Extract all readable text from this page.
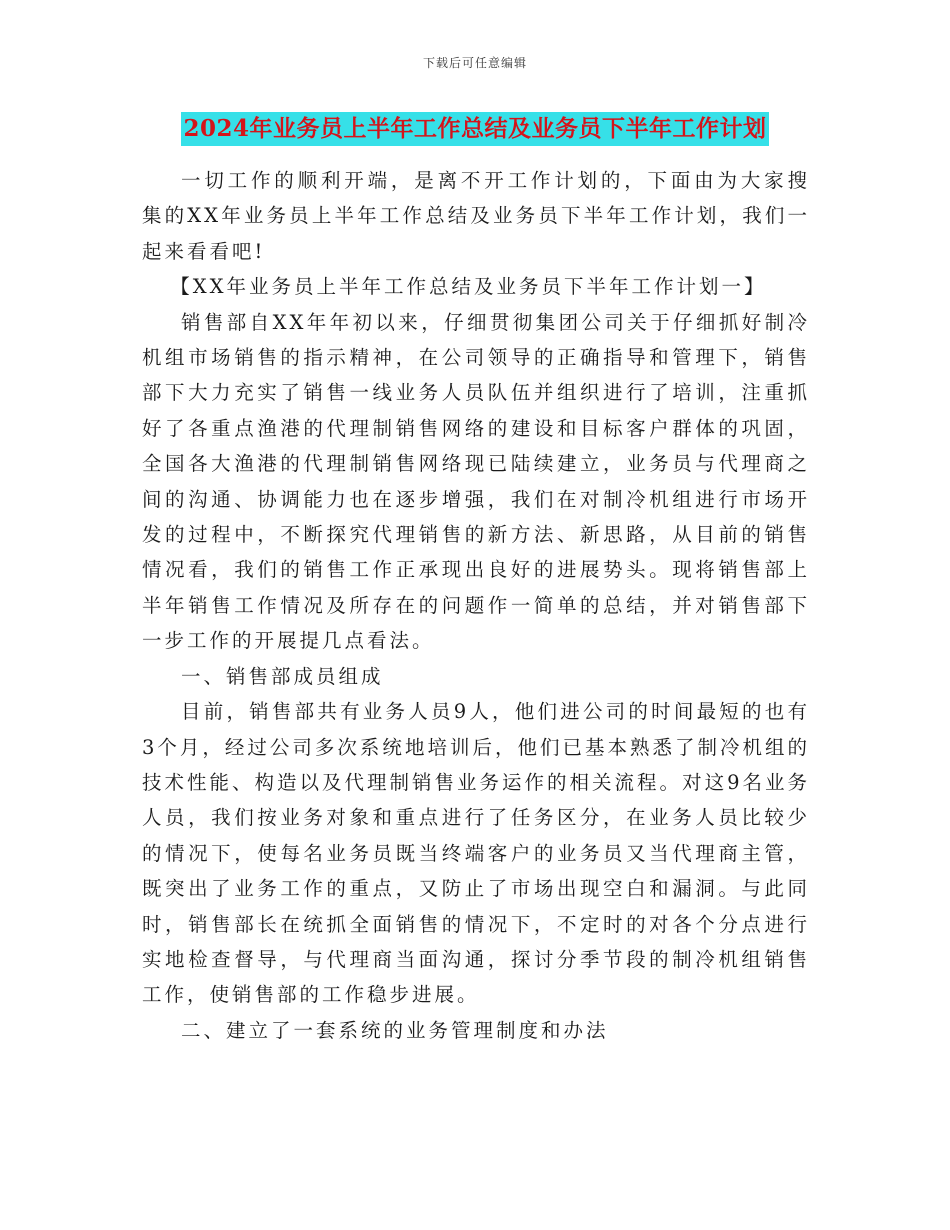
下载后可任意编辑
2024年业务员上半年工作总结及业务员下半年工作计划

一切工作的顺利开端，是离不开工作计划的，下面由为大家搜集的XX年业务员上半年工作总结及业务员下半年工作计划，我们一起来看看吧!

【XX年业务员上半年工作总结及业务员下半年工作计划一】

销售部自XX年年初以来，仔细贯彻集团公司关于仔细抓好制冷机组市场销售的指示精神，在公司领导的正确指导和管理下，销售部下大力充实了销售一线业务人员队伍并组织进行了培训，注重抓好了各重点渔港的代理制销售网络的建设和目标客户群体的巩固，全国各大渔港的代理制销售网络现已陆续建立，业务员与代理商之间的沟通、协调能力也在逐步增强，我们在对制冷机组进行市场开发的过程中，不断探究代理销售的新方法、新思路，从目前的销售情况看，我们的销售工作正承现出良好的进展势头。现将销售部上半年销售工作情况及所存在的问题作一简单的总结，并对销售部下一步工作的开展提几点看法。

一、销售部成员组成

目前，销售部共有业务人员9人，他们进公司的时间最短的也有3个月，经过公司多次系统地培训后，他们已基本熟悉了制冷机组的技术性能、构造以及代理制销售业务运作的相关流程。对这9名业务人员，我们按业务对象和重点进行了任务区分，在业务人员比较少的情况下，使每名业务员既当终端客户的业务员又当代理商主管，既突出了业务工作的重点，又防止了市场出现空白和漏洞。与此同时，销售部长在统抓全面销售的情况下，不定时的对各个分点进行实地检查督导，与代理商当面沟通，探讨分季节段的制冷机组销售工作，使销售部的工作稳步进展。

二、建立了一套系统的业务管理制度和办法
